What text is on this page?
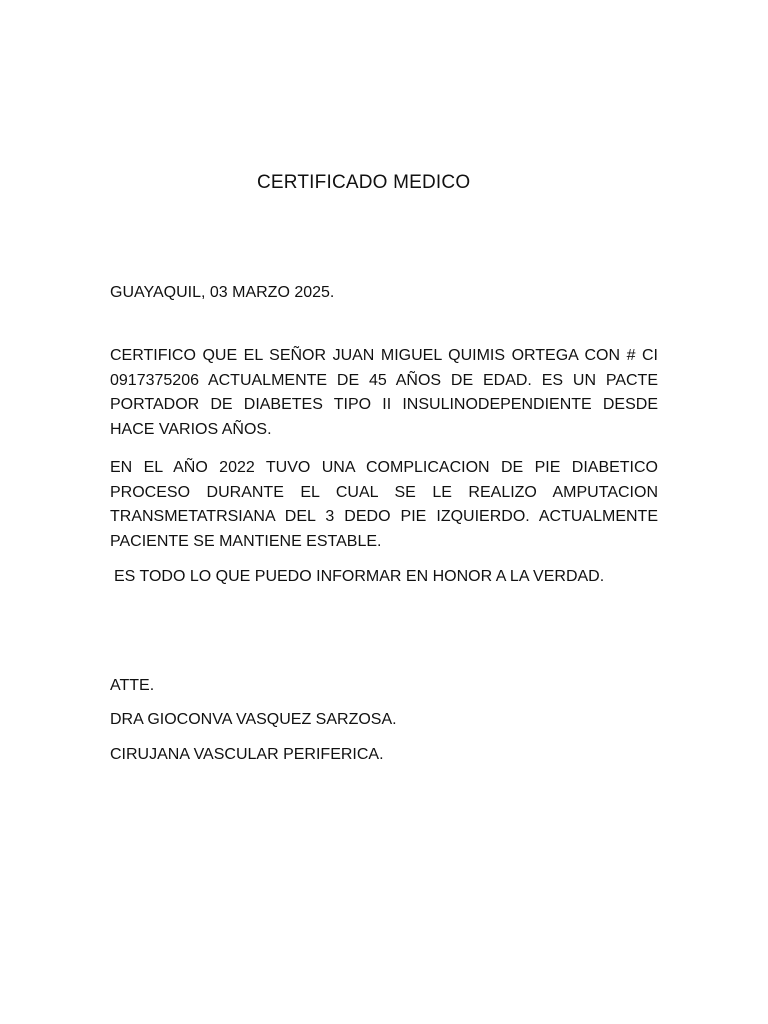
CERTIFICADO MEDICO
GUAYAQUIL, 03 MARZO 2025.
CERTIFICO QUE EL SEÑOR JUAN MIGUEL QUIMIS ORTEGA CON # CI 0917375206 ACTUALMENTE DE 45 AÑOS DE EDAD. ES UN PACTE PORTADOR DE DIABETES TIPO II INSULINODEPENDIENTE DESDE HACE VARIOS AÑOS.
EN EL AÑO 2022 TUVO UNA COMPLICACION DE PIE DIABETICO PROCESO DURANTE EL CUAL SE LE REALIZO AMPUTACION TRANSMETATRSIANA DEL 3 DEDO PIE IZQUIERDO. ACTUALMENTE PACIENTE SE MANTIENE ESTABLE.
ES TODO LO QUE PUEDO INFORMAR EN HONOR A LA VERDAD.
ATTE.
DRA GIOCONVA VASQUEZ SARZOSA.
CIRUJANA VASCULAR PERIFERICA.
